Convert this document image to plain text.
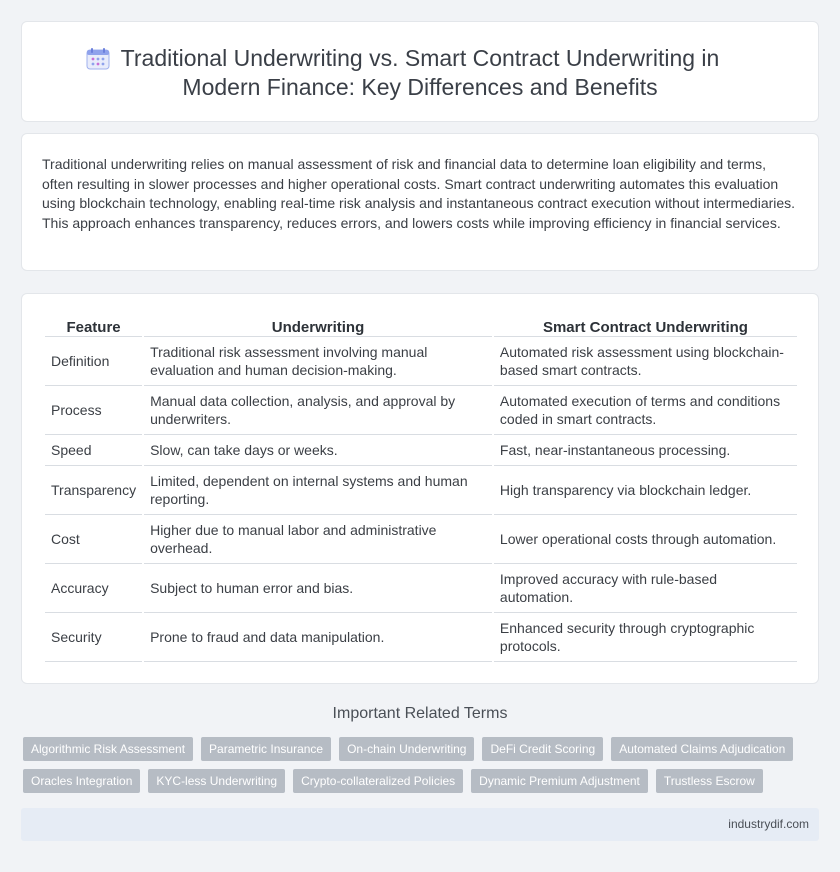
Traditional Underwriting vs. Smart Contract Underwriting in Modern Finance: Key Differences and Benefits

Traditional underwriting relies on manual assessment of risk and financial data to determine loan eligibility and terms, often resulting in slower processes and higher operational costs. Smart contract underwriting automates this evaluation using blockchain technology, enabling real-time risk analysis and instantaneous contract execution without intermediaries. This approach enhances transparency, reduces errors, and lowers costs while improving efficiency in financial services.

Feature	Underwriting	Smart Contract Underwriting
Definition	Traditional risk assessment involving manual evaluation and human decision-making.	Automated risk assessment using blockchain-based smart contracts.
Process	Manual data collection, analysis, and approval by underwriters.	Automated execution of terms and conditions coded in smart contracts.
Speed	Slow, can take days or weeks.	Fast, near-instantaneous processing.
Transparency	Limited, dependent on internal systems and human reporting.	High transparency via blockchain ledger.
Cost	Higher due to manual labor and administrative overhead.	Lower operational costs through automation.
Accuracy	Subject to human error and bias.	Improved accuracy with rule-based automation.
Security	Prone to fraud and data manipulation.	Enhanced security through cryptographic protocols.
Important Related Terms
Algorithmic Risk Assessment	Parametric Insurance	On-chain Underwriting	DeFi Credit Scoring	Automated Claims Adjudication
Oracles Integration	KYC-less Underwriting	Crypto-collateralized Policies	Dynamic Premium Adjustment	Trustless Escrow
industrydif.com
